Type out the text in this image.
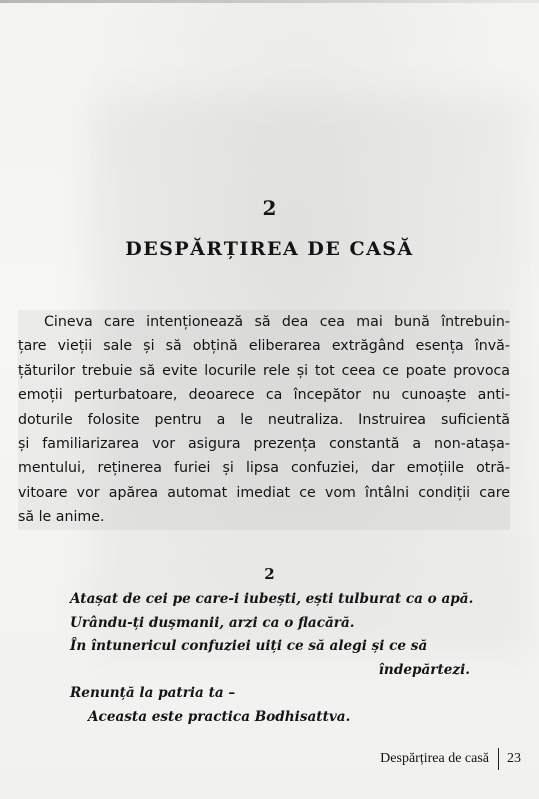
2
DESPĂRȚIREA DE CASĂ
Cineva care intenționează să dea cea mai bună întrebuin-
țare vieții sale și să obțină eliberarea extrăgând esența învă-
țăturilor trebuie să evite locurile rele și tot ceea ce poate provoca
emoții perturbatoare, deoarece ca începător nu cunoaște anti-
doturile folosite pentru a le neutraliza. Instruirea suficientă
și familiarizarea vor asigura prezența constantă a non-atașa-
mentului, reținerea furiei și lipsa confuziei, dar emoțiile otră-
vitoare vor apărea automat imediat ce vom întâlni condiții care
să le anime.
2
Atașat de cei pe care-i iubești, ești tulburat ca o apă.
Urându-ți dușmanii, arzi ca o flacără.
În întunericul confuziei uiți ce să alegi și ce să
îndepărtezi.
Renunță la patria ta –
Aceasta este practica Bodhisattva.
Despărțirea de casă 23
